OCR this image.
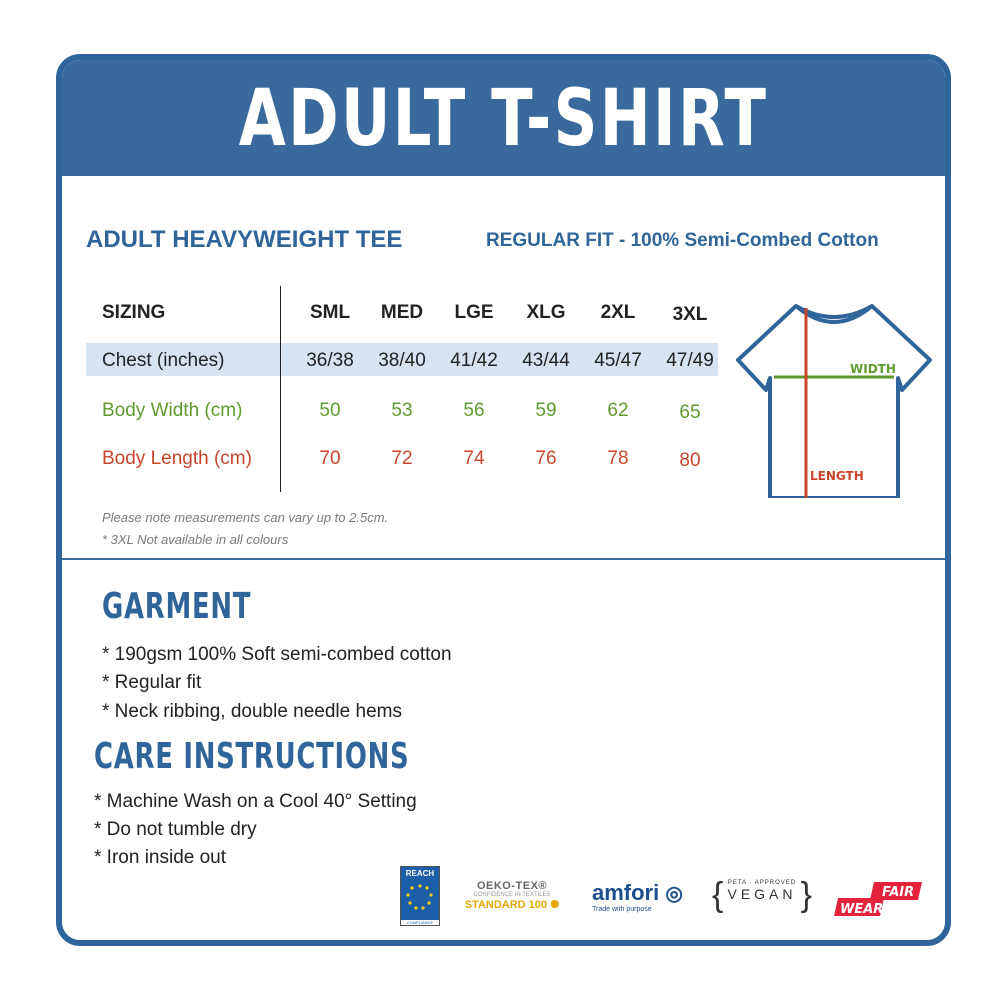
ADULT T-SHIRT
ADULT HEAVYWEIGHT TEE	REGULAR FIT - 100% Semi-Combed Cotton
SIZING	SML	MED	LGE	XLG	2XL	3XL
Chest (inches)	36/38	38/40	41/42	43/44	45/47	47/49
Body Width (cm)	50	53	56	59	62	65
Body Length (cm)	70	72	74	76	78	80
WIDTH
LENGTH
Please note measurements can vary up to 2.5cm.
* 3XL Not available in all colours
GARMENT
* 190gsm 100% Soft semi-combed cotton
* Regular fit
* Neck ribbing, double needle hems
CARE INSTRUCTIONS
* Machine Wash on a Cool 40° Setting
* Do not tumble dry
* Iron inside out
REACH
COMPLIANCE
OEKO-TEX®
CONFIDENCE IN TEXTILES
STANDARD 100 ✺ amfori ◎
Trade with purpose	{ PETA · APPROVED
VEGAN }	FAIR
WEAR
